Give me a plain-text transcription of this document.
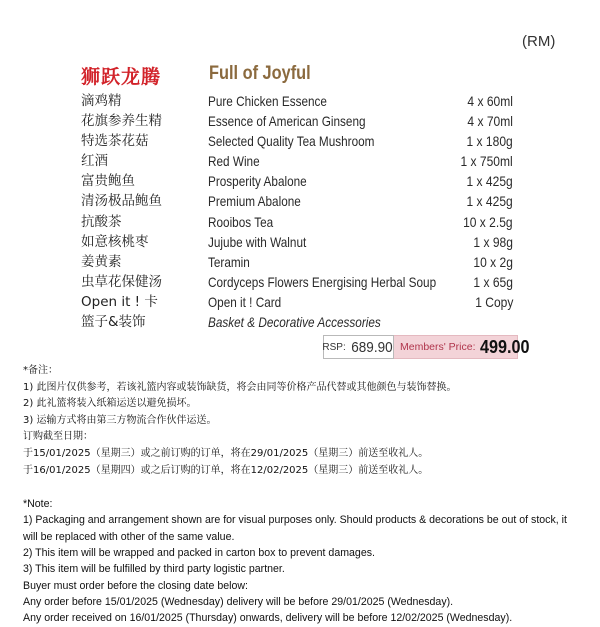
(RM)
狮跃龙腾	Full of Joyful
滴鸡精	Pure Chicken Essence	4 x 60ml
花旗参养生精	Essence of American Ginseng	4 x 70ml
特选茶花菇	Selected Quality Tea Mushroom	1 x 180g
红酒	Red Wine	1 x 750ml
富贵鲍鱼	Prosperity Abalone	1 x 425g
清汤极品鲍鱼	Premium Abalone	1 x 425g
抗酸茶	Rooibos Tea	10 x 2.5g
如意核桃枣	Jujube with Walnut	1 x 98g
姜黄素	Teramin	10 x 2g
虫草花保健汤	Cordyceps Flowers Energising Herbal Soup	1 x 65g
Open it ! 卡	Open it ! Card	1 Copy
篮子&装饰	Basket & Decorative Accessories
RSP: 689.90 Members' Price: 499.00

*备注：

1) 此图片仅供参考，若该礼篮内容或装饰缺货，将会由同等价格产品代替或其他颜色与装饰替换。

2) 此礼篮将装入纸箱运送以避免损坏。

3) 运输方式将由第三方物流合作伙伴运送。

订购截至日期：

于15/01/2025（星期三）或之前订购的订单，将在29/01/2025（星期三）前送至收礼人。

于16/01/2025（星期四）或之后订购的订单，将在12/02/2025（星期三）前送至收礼人。

*Note:

1) Packaging and arrangement shown are for visual purposes only. Should products & decorations be out of stock, it

will be replaced with other of the same value.

2) This item will be wrapped and packed in carton box to prevent damages.

3) This item will be fulfilled by third party logistic partner.

Buyer must order before the closing date below:

Any order before 15/01/2025 (Wednesday) delivery will be before 29/01/2025 (Wednesday).

Any order received on 16/01/2025 (Thursday) onwards, delivery will be before 12/02/2025 (Wednesday).
